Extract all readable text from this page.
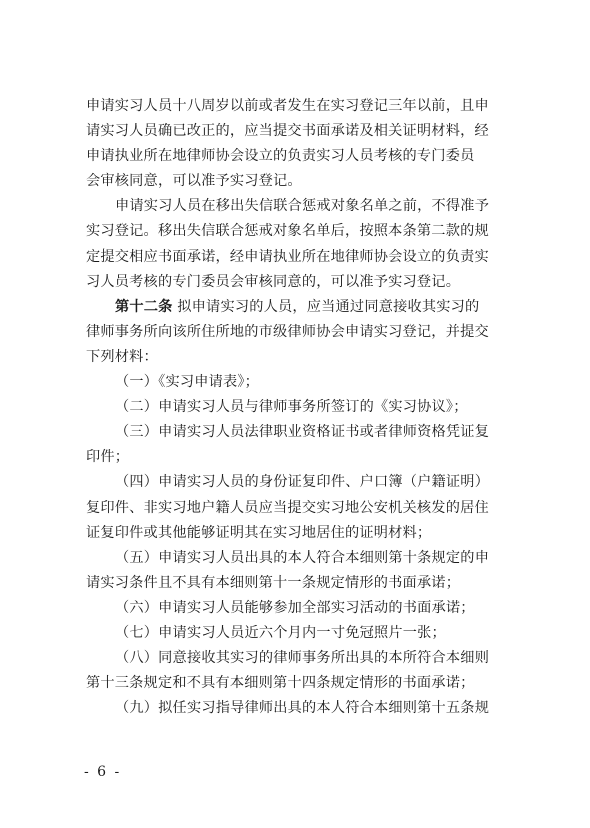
申请实习人员十八周岁以前或者发生在实习登记三年以前，且申
请实习人员确已改正的，应当提交书面承诺及相关证明材料，经
申请执业所在地律师协会设立的负责实习人员考核的专门委员
会审核同意，可以准予实习登记。
申请实习人员在移出失信联合惩戒对象名单之前，不得准予
实习登记。移出失信联合惩戒对象名单后，按照本条第二款的规
定提交相应书面承诺，经申请执业所在地律师协会设立的负责实
习人员考核的专门委员会审核同意的，可以准予实习登记。
第十二条 拟申请实习的人员，应当通过同意接收其实习的
律师事务所向该所住所地的市级律师协会申请实习登记，并提交
下列材料：
（一）《实习申请表》；
（二）申请实习人员与律师事务所签订的《实习协议》；
（三）申请实习人员法律职业资格证书或者律师资格凭证复
印件；
（四）申请实习人员的身份证复印件、户口簿（户籍证明）
复印件、非实习地户籍人员应当提交实习地公安机关核发的居住
证复印件或其他能够证明其在实习地居住的证明材料；
（五）申请实习人员出具的本人符合本细则第十条规定的申
请实习条件且不具有本细则第十一条规定情形的书面承诺；
（六）申请实习人员能够参加全部实习活动的书面承诺；
（七）申请实习人员近六个月内一寸免冠照片一张；
（八）同意接收其实习的律师事务所出具的本所符合本细则
第十三条规定和不具有本细则第十四条规定情形的书面承诺；
（九）拟任实习指导律师出具的本人符合本细则第十五条规
- 6 -
